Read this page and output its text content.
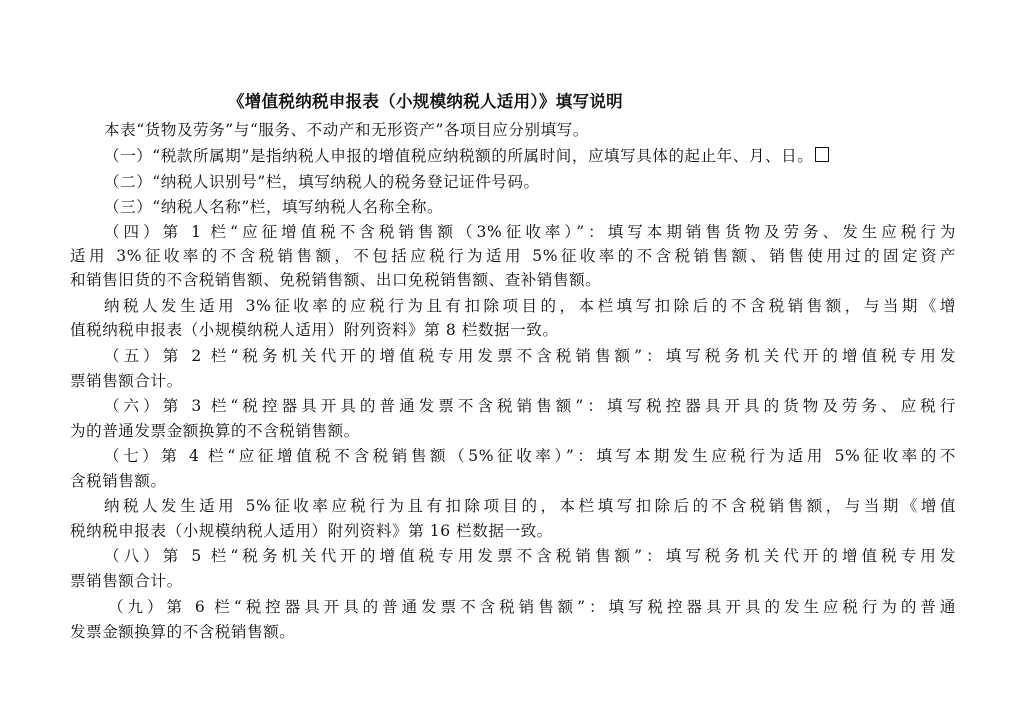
《增值税纳税申报表（小规模纳税人适用）》填写说明
本表“货物及劳务”与“服务、不动产和无形资产”各项目应分别填写。
（一）“税款所属期”是指纳税人申报的增值税应纳税额的所属时间，应填写具体的起止年、月、日。
（二）“纳税人识别号”栏，填写纳税人的税务登记证件号码。
（三）“纳税人名称”栏，填写纳税人名称全称。
（四）第 1 栏“应征增值税不含税销售额（3%征收率）”：填写本期销售货物及劳务、发生应税行为
适用 3%征收率的不含税销售额，不包括应税行为适用 5%征收率的不含税销售额、销售使用过的固定资产
和销售旧货的不含税销售额、免税销售额、出口免税销售额、查补销售额。
纳税人发生适用 3%征收率的应税行为且有扣除项目的，本栏填写扣除后的不含税销售额，与当期《增
值税纳税申报表（小规模纳税人适用）附列资料》第 8 栏数据一致。
（五）第 2 栏“税务机关代开的增值税专用发票不含税销售额”：填写税务机关代开的增值税专用发
票销售额合计。
（六）第 3 栏“税控器具开具的普通发票不含税销售额”：填写税控器具开具的货物及劳务、应税行
为的普通发票金额换算的不含税销售额。
（七）第 4 栏“应征增值税不含税销售额（5%征收率）”：填写本期发生应税行为适用 5%征收率的不
含税销售额。
纳税人发生适用 5%征收率应税行为且有扣除项目的，本栏填写扣除后的不含税销售额，与当期《增值
税纳税申报表（小规模纳税人适用）附列资料》第 16 栏数据一致。
（八）第 5 栏“税务机关代开的增值税专用发票不含税销售额”：填写税务机关代开的增值税专用发
票销售额合计。
（九）第 6 栏“税控器具开具的普通发票不含税销售额”：填写税控器具开具的发生应税行为的普通
发票金额换算的不含税销售额。
